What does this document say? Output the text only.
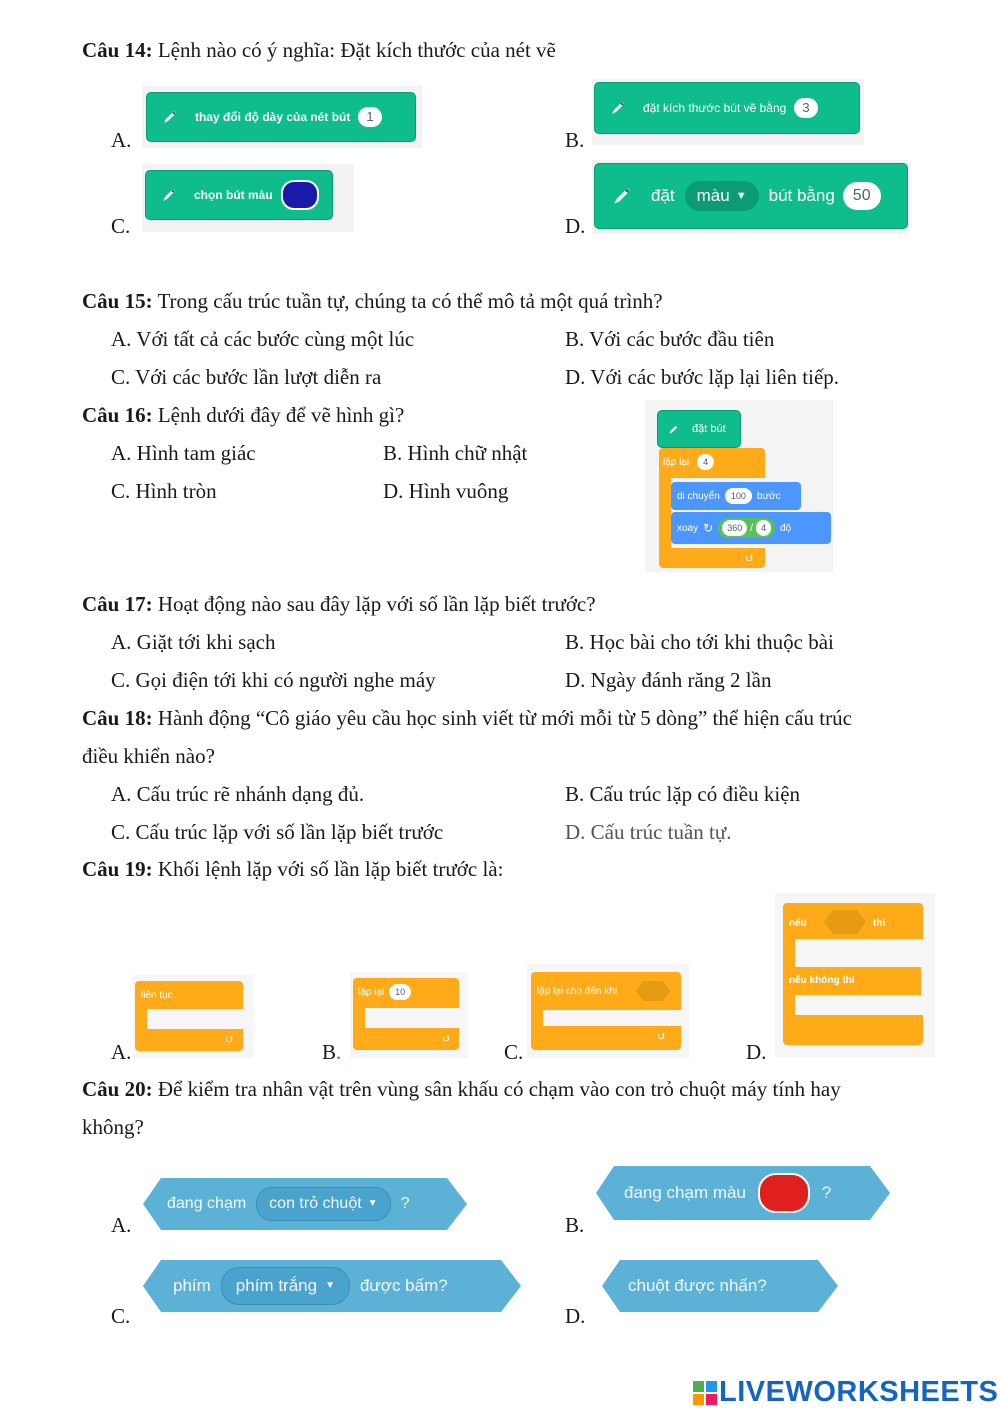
Câu 14: Lệnh nào có ý nghĩa: Đặt kích thước của nét vẽ
A.
thay đổi độ dày của nét bút	1
B.
đặt kích thước bút vẽ bằng	3
C.
chọn bút màu
D.
đặt màu ▼ bút bằng	50
Câu 15: Trong cấu trúc tuần tự, chúng ta có thể mô tả một quá trình?
A. Với tất cả các bước cùng một lúc	B. Với các bước đầu tiên
C. Với các bước lần lượt diễn ra	D. Với các bước lặp lại liên tiếp.
Câu 16: Lệnh dưới đây để vẽ hình gì?
A. Hình tam giác	B. Hình chữ nhật
C. Hình tròn	D. Hình vuông
đặt bút
lặp lại	4
↺
di chuyển	100	bước
xoay ↻	360 / 4	độ
Câu 17: Hoạt động nào sau đây lặp với số lần lặp biết trước?
A. Giặt tới khi sạch	B. Học bài cho tới khi thuộc bài
C. Gọi điện tới khi có người nghe máy	D. Ngày đánh răng 2 lần
Câu 18: Hành động “Cô giáo yêu cầu học sinh viết từ mới mỗi từ 5 dòng” thể hiện cấu trúc
điều khiển nào?
A. Cấu trúc rẽ nhánh dạng đủ.	B. Cấu trúc lặp có điều kiện
C. Cấu trúc lặp với số lần lặp biết trước	D. Cấu trúc tuần tự.
Câu 19: Khối lệnh lặp với số lần lặp biết trước là:
A.
liên tục
↺	B.
lặp lại	10
↺
C.
lặp lại cho đến khi
↺
D.
nếu	thì
nếu không thì
Câu 20: Để kiểm tra nhân vật trên vùng sân khấu có chạm vào con trỏ chuột máy tính hay
không?
A.
đang chạm con trỏ chuột ▼ ?
B.
đang chạm màu	?
C.
phím phím trắng ▼ được bấm?
D.
chuột được nhấn?
LIVEWORKSHEETS
